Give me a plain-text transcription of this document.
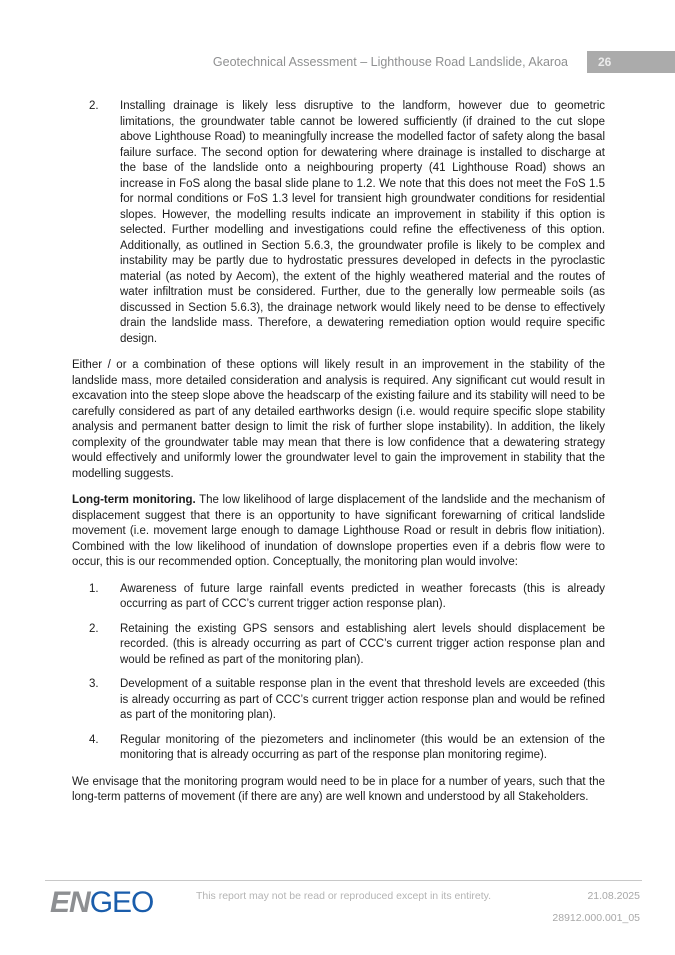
Geotechnical Assessment – Lighthouse Road Landslide, Akaroa	26
2.	Installing drainage is likely less disruptive to the landform, however due to geometric limitations, the groundwater table cannot be lowered sufficiently (if drained to the cut slope above Lighthouse Road) to meaningfully increase the modelled factor of safety along the basal failure surface. The second option for dewatering where drainage is installed to discharge at the base of the landslide onto a neighbouring property (41 Lighthouse Road) shows an increase in FoS along the basal slide plane to 1.2. We note that this does not meet the FoS 1.5 for normal conditions or FoS 1.3 level for transient high groundwater conditions for residential slopes. However, the modelling results indicate an improvement in stability if this option is selected. Further modelling and investigations could refine the effectiveness of this option. Additionally, as outlined in Section 5.6.3, the groundwater profile is likely to be complex and instability may be partly due to hydrostatic pressures developed in defects in the pyroclastic material (as noted by Aecom), the extent of the highly weathered material and the routes of water infiltration must be considered. Further, due to the generally low permeable soils (as discussed in Section 5.6.3), the drainage network would likely need to be dense to effectively drain the landslide mass. Therefore, a dewatering remediation option would require specific design.
Either / or a combination of these options will likely result in an improvement in the stability of the landslide mass, more detailed consideration and analysis is required. Any significant cut would result in excavation into the steep slope above the headscarp of the existing failure and its stability will need to be carefully considered as part of any detailed earthworks design (i.e. would require specific slope stability analysis and permanent batter design to limit the risk of further slope instability). In addition, the likely complexity of the groundwater table may mean that there is low confidence that a dewatering strategy would effectively and uniformly lower the groundwater level to gain the improvement in stability that the modelling suggests.
Long-term monitoring. The low likelihood of large displacement of the landslide and the mechanism of displacement suggest that there is an opportunity to have significant forewarning of critical landslide movement (i.e. movement large enough to damage Lighthouse Road or result in debris flow initiation). Combined with the low likelihood of inundation of downslope properties even if a debris flow were to occur, this is our recommended option. Conceptually, the monitoring plan would involve:
1.	Awareness of future large rainfall events predicted in weather forecasts (this is already occurring as part of CCC’s current trigger action response plan).
2.	Retaining the existing GPS sensors and establishing alert levels should displacement be recorded. (this is already occurring as part of CCC’s current trigger action response plan and would be refined as part of the monitoring plan).
3.	Development of a suitable response plan in the event that threshold levels are exceeded (this is already occurring as part of CCC’s current trigger action response plan and would be refined as part of the monitoring plan).
4.	Regular monitoring of the piezometers and inclinometer (this would be an extension of the monitoring that is already occurring as part of the response plan monitoring regime).
We envisage that the monitoring program would need to be in place for a number of years, such that the long-term patterns of movement (if there are any) are well known and understood by all Stakeholders.
ENGEO	This report may not be read or reproduced except in its entirety.	21.08.2025
28912.000.001_05
